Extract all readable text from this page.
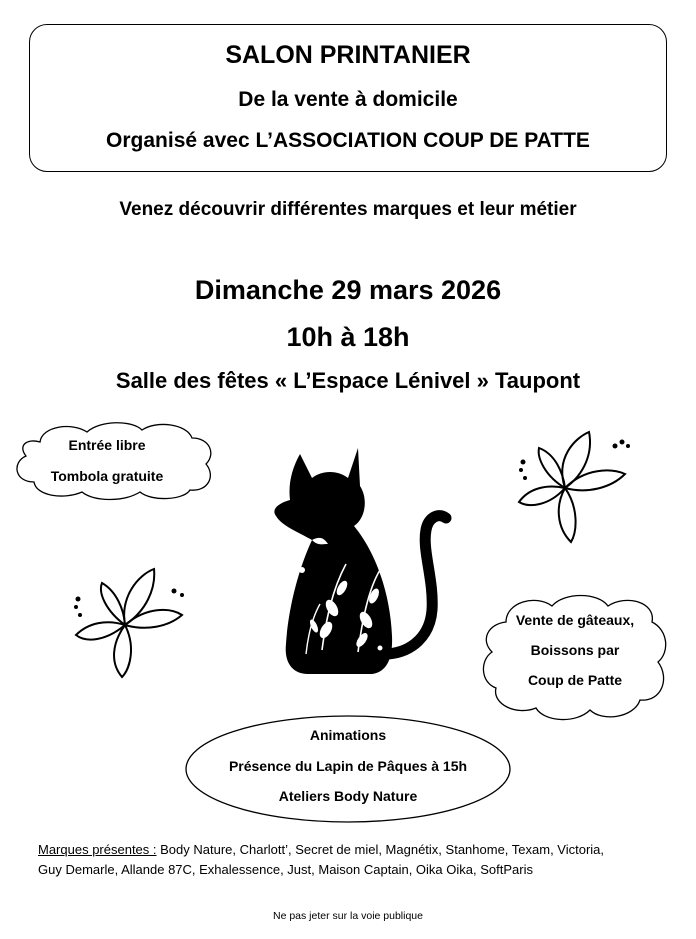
SALON PRINTANIER
De la vente à domicile
Organisé avec L’ASSOCIATION COUP DE PATTE
Venez découvrir différentes marques et leur métier
Dimanche 29 mars 2026
10h à 18h
Salle des fêtes « L’Espace Lénivel » Taupont
Entrée libre
Tombola gratuite
Vente de gâteaux,
Boissons par
Coup de Patte
Animations
Présence du Lapin de Pâques à 15h
Ateliers Body Nature
Marques présentes : Body Nature, Charlott’, Secret de miel, Magnétix, Stanhome, Texam, Victoria,
Guy Demarle, Allande 87C, Exhalessence, Just, Maison Captain, Oika Oika, SoftParis
Ne pas jeter sur la voie publique
